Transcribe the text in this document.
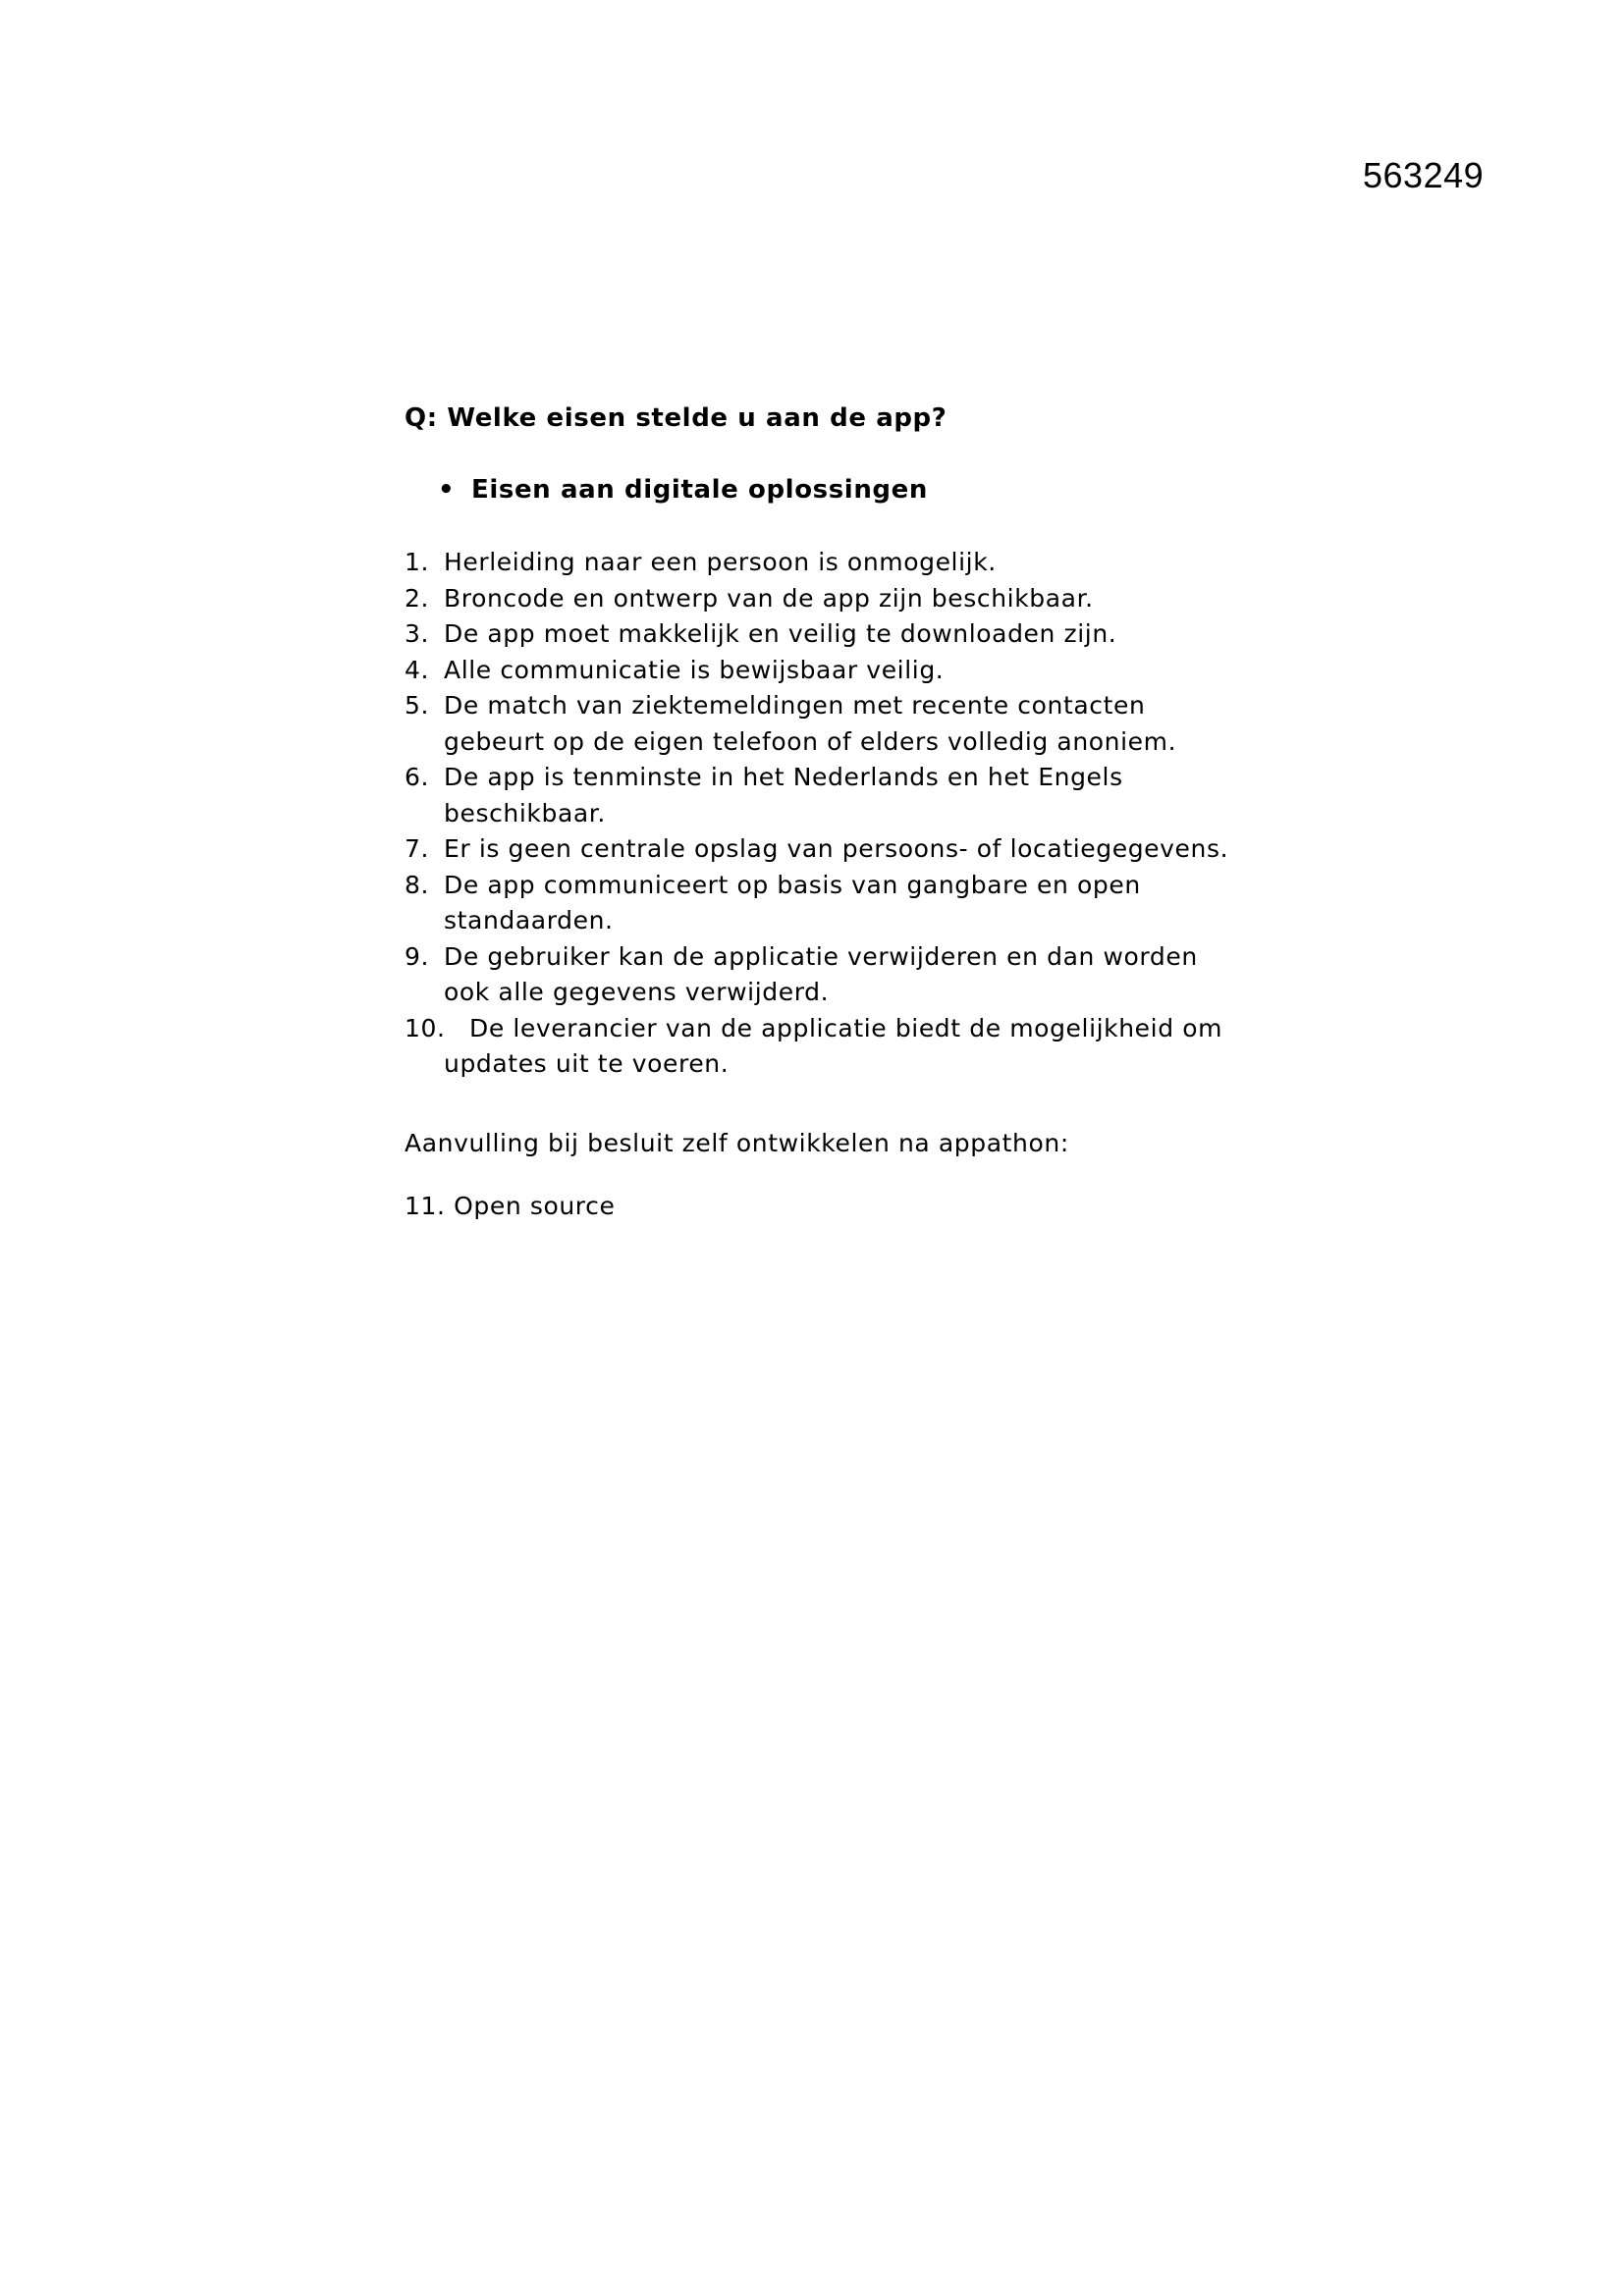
563249
Q: Welke eisen stelde u aan de app?
• Eisen aan digitale oplossingen
1. Herleiding naar een persoon is onmogelijk.
2. Broncode en ontwerp van de app zijn beschikbaar.
3. De app moet makkelijk en veilig te downloaden zijn.
4. Alle communicatie is bewijsbaar veilig.
5. De match van ziektemeldingen met recente contacten
gebeurt op de eigen telefoon of elders volledig anoniem.
6. De app is tenminste in het Nederlands en het Engels
beschikbaar.
7. Er is geen centrale opslag van persoons- of locatiegegevens.
8. De app communiceert op basis van gangbare en open
standaarden.
9. De gebruiker kan de applicatie verwijderen en dan worden
ook alle gegevens verwijderd.
10. De leverancier van de applicatie biedt de mogelijkheid om
updates uit te voeren.
Aanvulling bij besluit zelf ontwikkelen na appathon:
11. Open source
